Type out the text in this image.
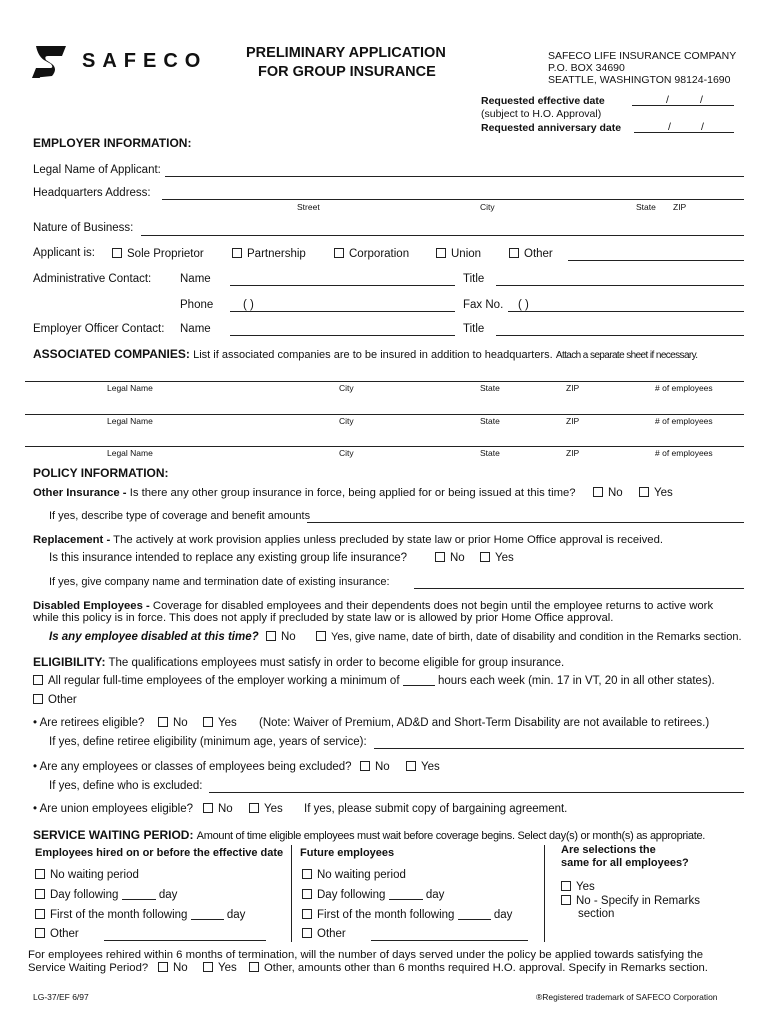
SAFECO	PRELIMINARY APPLICATION
FOR GROUP INSURANCE
SAFECO LIFE INSURANCE COMPANY
P.O. BOX 34690
SEATTLE, WASHINGTON 98124-1690
Requested effective date	/	/
(subject to H.O. Approval)
Requested anniversary date	/	/
EMPLOYER INFORMATION:
Legal Name of Applicant:
Headquarters Address:
Street	City	State ZIP
Nature of Business:
Applicant is:	Sole Proprietor	Partnership	Corporation	Union	Other
Administrative Contact:	Name	Title
Phone	( )	Fax No. ( )
Employer Officer Contact: Name	Title
ASSOCIATED COMPANIES: List if associated companies are to be insured in addition to headquarters. Attach a separate sheet if necessary.
Legal Name	City	State	ZIP	# of employees
Legal Name	City	State	ZIP	# of employees
Legal Name	City	State	ZIP	# of employees
POLICY INFORMATION:
Other Insurance - Is there any other group insurance in force, being applied for or being issued at this time?	No	Yes
If yes, describe type of coverage and benefit amounts
Replacement - The actively at work provision applies unless precluded by state law or prior Home Office approval is received.
Is this insurance intended to replace any existing group life insurance?	No	Yes
If yes, give company name and termination date of existing insurance:
Disabled Employees - Coverage for disabled employees and their dependents does not begin until the employee returns to active work
while this policy is in force. This does not apply if precluded by state law or is allowed by prior Home Office approval.
Is any employee disabled at this time?	No	Yes, give name, date of birth, date of disability and condition in the Remarks section.
ELIGIBILITY: The qualifications employees must satisfy in order to become eligible for group insurance.
All regular full-time employees of the employer working a minimum of	hours each week (min. 17 in VT, 20 in all other states).
Other
• Are retirees eligible?	No	Yes (Note: Waiver of Premium, AD&D and Short-Term Disability are not available to retirees.)
If yes, define retiree eligibility (minimum age, years of service):
• Are any employees or classes of employees being excluded?	No	Yes
If yes, define who is excluded:
• Are union employees eligible?	No	Yes If yes, please submit copy of bargaining agreement.
SERVICE WAITING PERIOD: Amount of time eligible employees must wait before coverage begins. Select day(s) or month(s) as appropriate.
Employees hired on or before the effective date Future employees	Are selections the
same for all employees?
No waiting period
Day following	day
First of the month following	day
Other
No waiting period
Day following	day
First of the month following	day
Other
Yes
No - Specify in Remarks
section
For employees rehired within 6 months of termination, will the number of days served under the policy be applied towards satisfying the
Service Waiting Period?	No	Yes	Other, amounts other than 6 months required H.O. approval. Specify in Remarks section.
LG-37/EF 6/97	®Registered trademark of SAFECO Corporation
